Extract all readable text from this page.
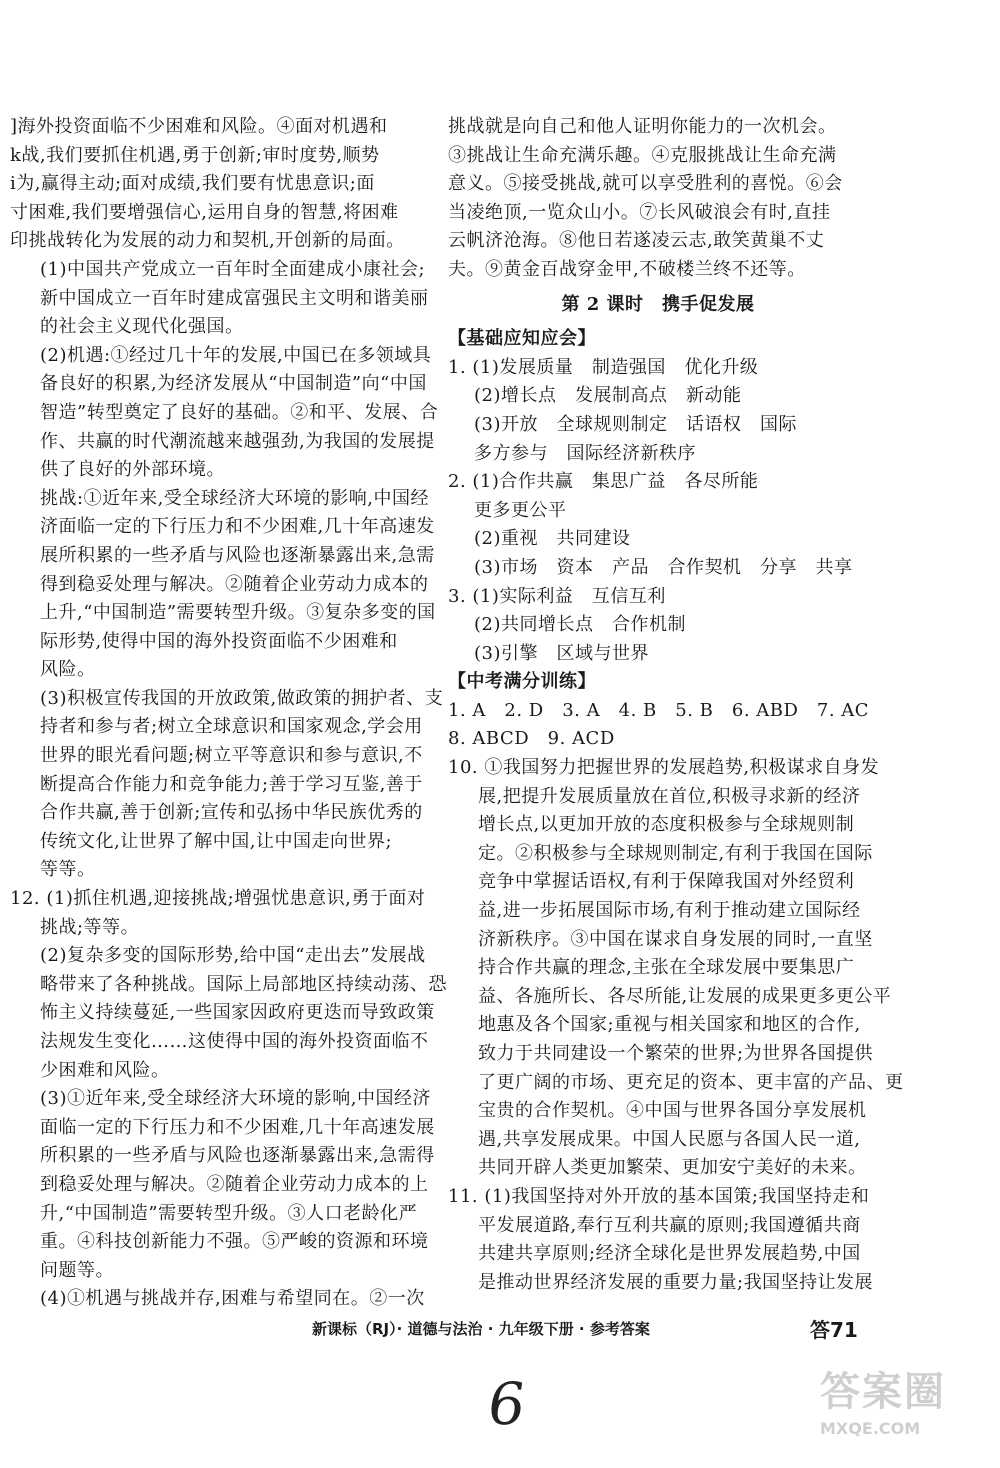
]海外投资面临不少困难和风险。④面对机遇和
k战,我们要抓住机遇,勇于创新;审时度势,顺势
i为,赢得主动;面对成绩,我们要有忧患意识;面
寸困难,我们要增强信心,运用自身的智慧,将困难
印挑战转化为发展的动力和契机,开创新的局面。
(1)中国共产党成立一百年时全面建成小康社会;
新中国成立一百年时建成富强民主文明和谐美丽
的社会主义现代化强国。
(2)机遇:①经过几十年的发展,中国已在多领域具
备良好的积累,为经济发展从“中国制造”向“中国
智造”转型奠定了良好的基础。②和平、发展、合
作、共赢的时代潮流越来越强劲,为我国的发展提
供了良好的外部环境。
挑战:①近年来,受全球经济大环境的影响,中国经
济面临一定的下行压力和不少困难,几十年高速发
展所积累的一些矛盾与风险也逐渐暴露出来,急需
得到稳妥处理与解决。②随着企业劳动力成本的
上升,“中国制造”需要转型升级。③复杂多变的国
际形势,使得中国的海外投资面临不少困难和
风险。
(3)积极宣传我国的开放政策,做政策的拥护者、支
持者和参与者;树立全球意识和国家观念,学会用
世界的眼光看问题;树立平等意识和参与意识,不
断提高合作能力和竞争能力;善于学习互鉴,善于
合作共赢,善于创新;宣传和弘扬中华民族优秀的
传统文化,让世界了解中国,让中国走向世界;
等等。
12. (1)抓住机遇,迎接挑战;增强忧患意识,勇于面对
挑战;等等。
(2)复杂多变的国际形势,给中国“走出去”发展战
略带来了各种挑战。国际上局部地区持续动荡、恐
怖主义持续蔓延,一些国家因政府更迭而导致政策
法规发生变化……这使得中国的海外投资面临不
少困难和风险。
(3)①近年来,受全球经济大环境的影响,中国经济
面临一定的下行压力和不少困难,几十年高速发展
所积累的一些矛盾与风险也逐渐暴露出来,急需得
到稳妥处理与解决。②随着企业劳动力成本的上
升,“中国制造”需要转型升级。③人口老龄化严
重。④科技创新能力不强。⑤严峻的资源和环境
问题等。
(4)①机遇与挑战并存,困难与希望同在。②一次
挑战就是向自己和他人证明你能力的一次机会。
③挑战让生命充满乐趣。④克服挑战让生命充满
意义。⑤接受挑战,就可以享受胜利的喜悦。⑥会
当凌绝顶,一览众山小。⑦长风破浪会有时,直挂
云帆济沧海。⑧他日若遂凌云志,敢笑黄巢不丈
夫。⑨黄金百战穿金甲,不破楼兰终不还等。
第 2 课时　携手促发展
【基础应知应会】
1. (1)发展质量　制造强国　优化升级
(2)增长点　发展制高点　新动能
(3)开放　全球规则制定　话语权　国际
多方参与　国际经济新秩序
2. (1)合作共赢　集思广益　各尽所能
更多更公平
(2)重视　共同建设
(3)市场　资本　产品　合作契机　分享　共享
3. (1)实际利益　互信互利
(2)共同增长点　合作机制
(3)引擎　区域与世界
【中考满分训练】
1. A　2. D　3. A　4. B　5. B　6. ABD　7. AC
8. ABCD　9. ACD
10. ①我国努力把握世界的发展趋势,积极谋求自身发
展,把提升发展质量放在首位,积极寻求新的经济
增长点,以更加开放的态度积极参与全球规则制
定。②积极参与全球规则制定,有利于我国在国际
竞争中掌握话语权,有利于保障我国对外经贸利
益,进一步拓展国际市场,有利于推动建立国际经
济新秩序。③中国在谋求自身发展的同时,一直坚
持合作共赢的理念,主张在全球发展中要集思广
益、各施所长、各尽所能,让发展的成果更多更公平
地惠及各个国家;重视与相关国家和地区的合作,
致力于共同建设一个繁荣的世界;为世界各国提供
了更广阔的市场、更充足的资本、更丰富的产品、更
宝贵的合作契机。④中国与世界各国分享发展机
遇,共享发展成果。中国人民愿与各国人民一道,
共同开辟人类更加繁荣、更加安宁美好的未来。
11. (1)我国坚持对外开放的基本国策;我国坚持走和
平发展道路,奉行互利共赢的原则;我国遵循共商
共建共享原则;经济全球化是世界发展趋势,中国
是推动世界经济发展的重要力量;我国坚持让发展
新课标（RJ）· 道德与法治 · 九年级下册 · 参考答案	答71
6	答案圈
MXQE.COM
